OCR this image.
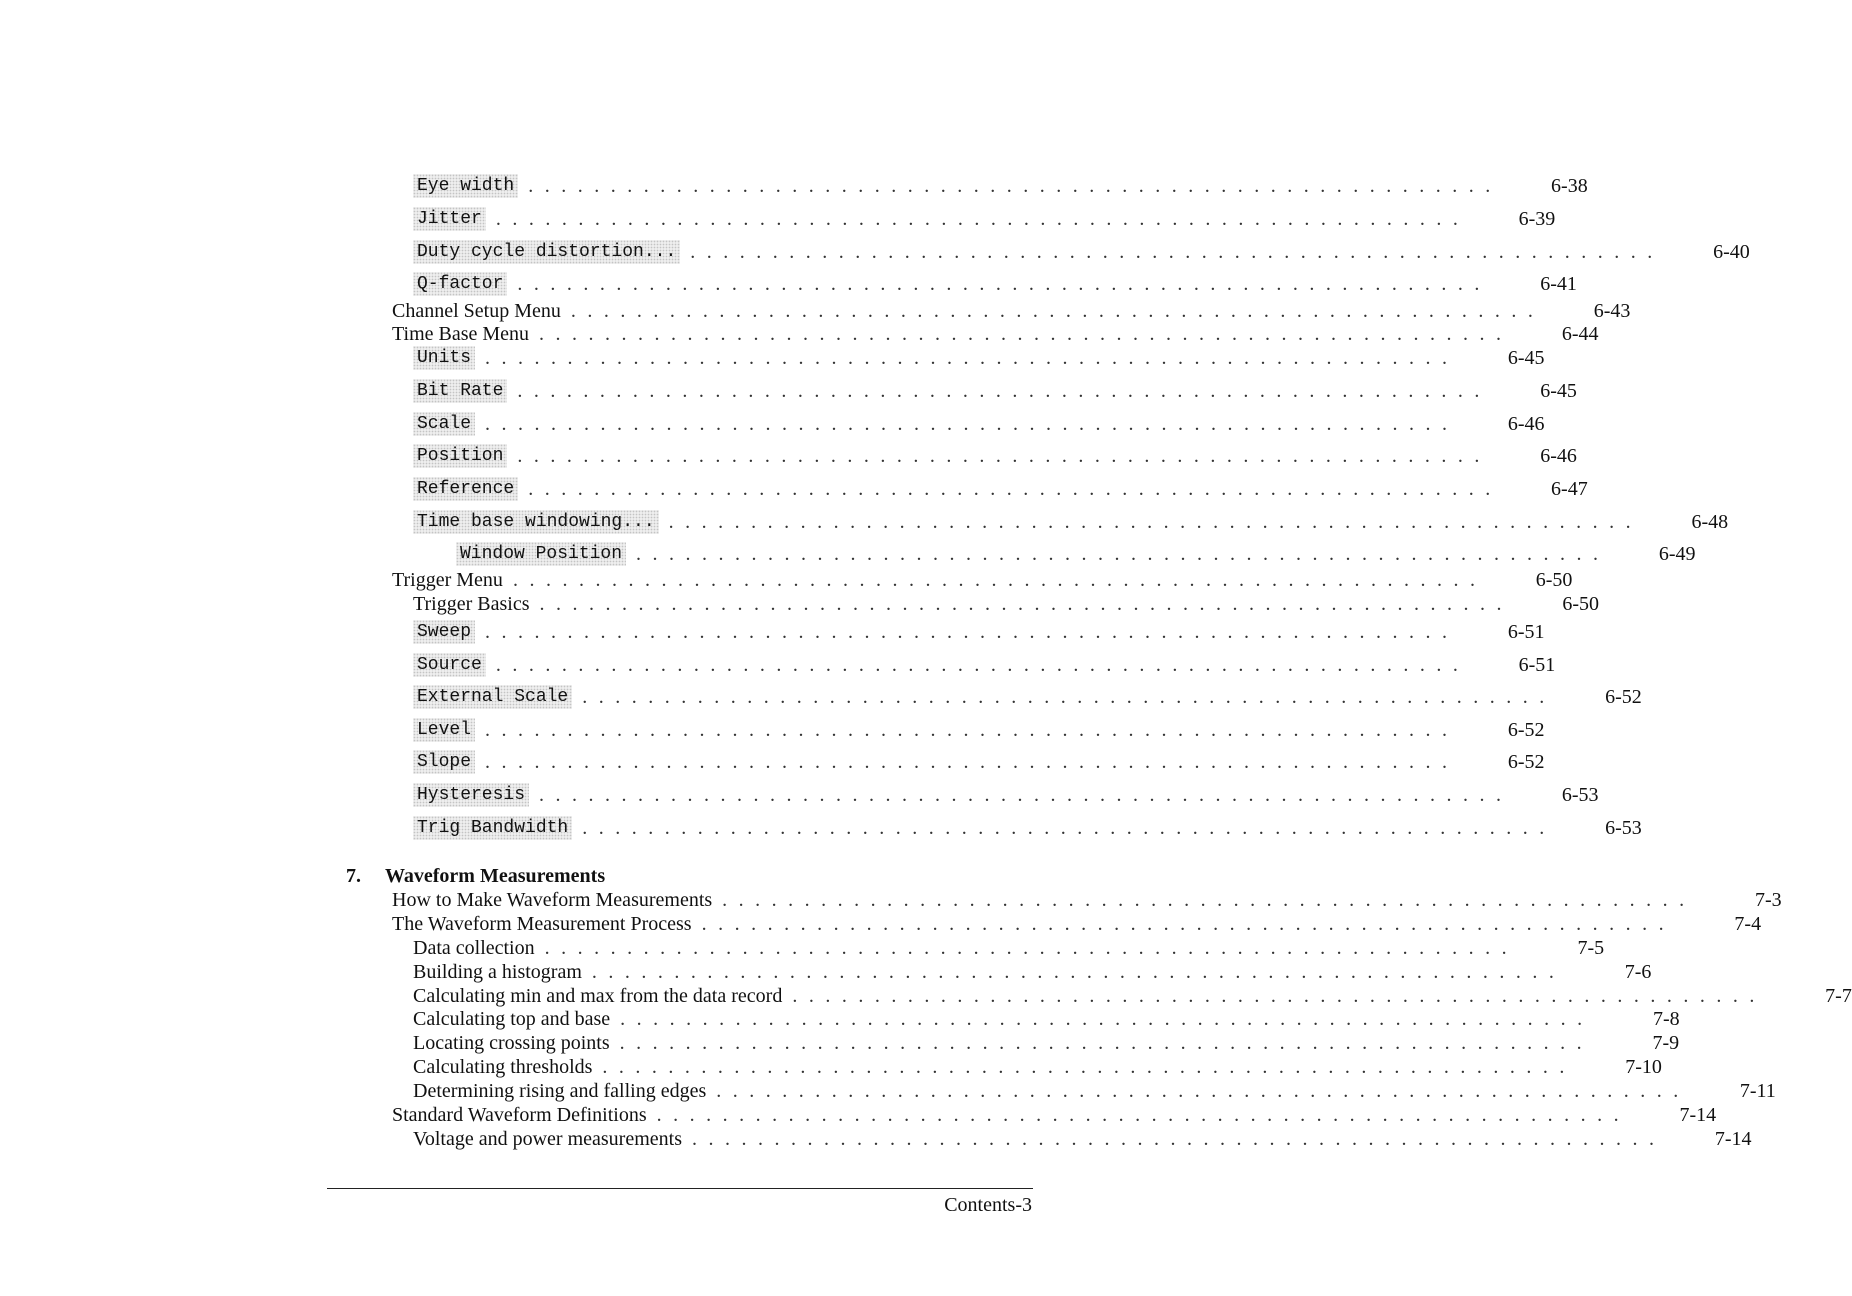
7.	Waveform Measurements
Eye width ...........................................................	6-38
Jitter ...........................................................	6-39
Duty cycle distortion... ...........................................................	6-40
Q-factor ...........................................................	6-41
Channel Setup Menu ...........................................................	6-43
Time Base Menu ...........................................................	6-44
Units ...........................................................	6-45
Bit Rate ...........................................................	6-45
Scale ...........................................................	6-46
Position ...........................................................	6-46
Reference ...........................................................	6-47
Time base windowing... ...........................................................	6-48
Window Position ...........................................................	6-49
Trigger Menu ...........................................................	6-50
Trigger Basics ...........................................................	6-50
Sweep ...........................................................	6-51
Source ...........................................................	6-51
External Scale ...........................................................	6-52
Level ...........................................................	6-52
Slope ...........................................................	6-52
Hysteresis ...........................................................	6-53
Trig Bandwidth ...........................................................	6-53
How to Make Waveform Measurements ...........................................................	7-3
The Waveform Measurement Process ...........................................................	7-4
Data collection ...........................................................	7-5
Building a histogram ...........................................................	7-6
Calculating min and max from the data record ...........................................................	7-7
Calculating top and base ...........................................................	7-8
Locating crossing points ...........................................................	7-9
Calculating thresholds ...........................................................	7-10
Determining rising and falling edges ...........................................................	7-11
Standard Waveform Definitions ...........................................................	7-14
Voltage and power measurements ...........................................................	7-14
Contents-3
